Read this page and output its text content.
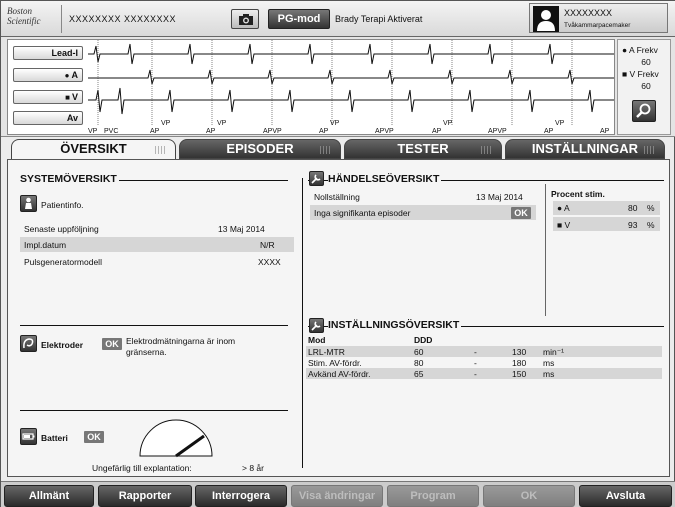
Boston
Scientific	XXXXXXXX XXXXXXXX	PG-mod	Brady Terapi Aktiverat
XXXXXXXX
Tvåkammarpacemaker
Lead-I
● A
■ V
Av
VP PVC	AP
VP
AP
VP
APVP	AP
VP
APVP	AP
VP
APVP	AP
VP
AP
● A Frekv
60
■ V Frekv
60
ÖVERSIKT	EPISODER	TESTER	INSTÄLLNINGAR
SYSTEMÖVERSIKT
Patientinfo.
Senaste uppföljning	13 Maj 2014
Impl.datum	N/R
Pulsgeneratormodell	XXXX
Elektroder	OK Elektrodmätningarna är inom
gränserna.
Batteri	OK
Ungefärlig till explantation:	> 8 år
HÄNDELSEÖVERSIKT
Nollställning	13 Maj 2014
Inga signifikanta episoder	OK
Procent stim.
● A	80 %
■ V	93 %
INSTÄLLNINGSÖVERSIKT
Mod	DDD
LRL-MTR	60	-	130 min⁻¹
Stim. AV-fördr.	80	-	180 ms
Avkänd AV-fördr.	65	-	150 ms
Allmänt	Rapporter	Interrogera	Visa ändringar	Program	OK	Avsluta
